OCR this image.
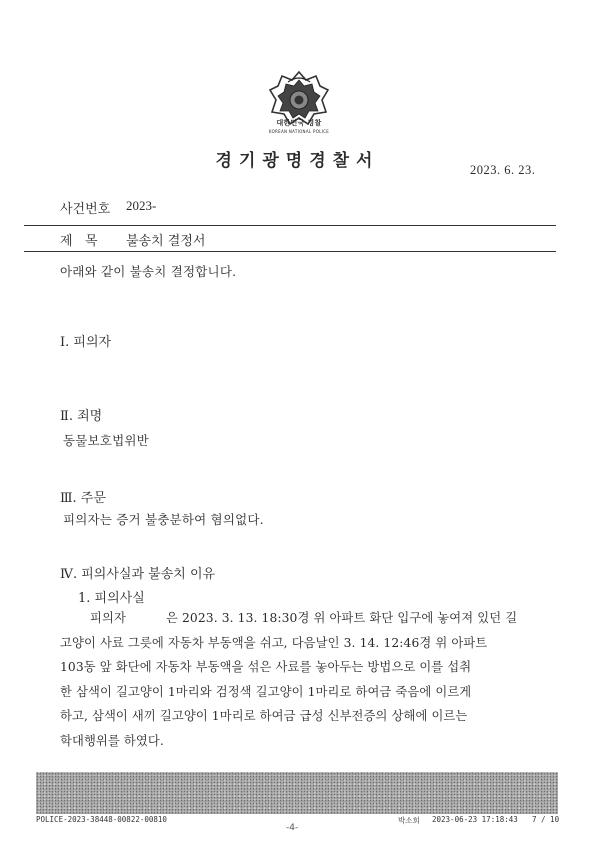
대한민국 경찰
KOREAN NATIONAL POLICE
경기광명경찰서	2023. 6. 23.
사건번호 2023-
제   목 불송치 결정서
아래와 같이 불송치 결정합니다.
Ⅰ. 피의자
Ⅱ. 죄명
동물보호법위반
Ⅲ. 주문
피의자는 증거 불충분하여 혐의없다.
Ⅳ. 피의사실과 불송치 이유
1. 피의사실

피의자          은 2023. 3. 13. 18:30경 위 아파트 화단 입구에 놓여져 있던 길

고양이 사료 그릇에 자동차 부동액을 쉬고, 다음날인 3. 14. 12:46경 위 아파트

103동 앞 화단에 자동차 부동액을 섞은 사료를 놓아두는 방법으로 이를 섭취

한 삼색이 길고양이 1마리와 검정색 길고양이 1마리로 하여금 죽음에 이르게

하고, 삼색이 새끼 길고양이 1마리로 하여금 급성 신부전증의 상해에 이르는

학대행위를 하였다.

POLICE-2023-38448-00822-00810	박소희 2023-06-23 17:18:43 7 / 10
-4-
